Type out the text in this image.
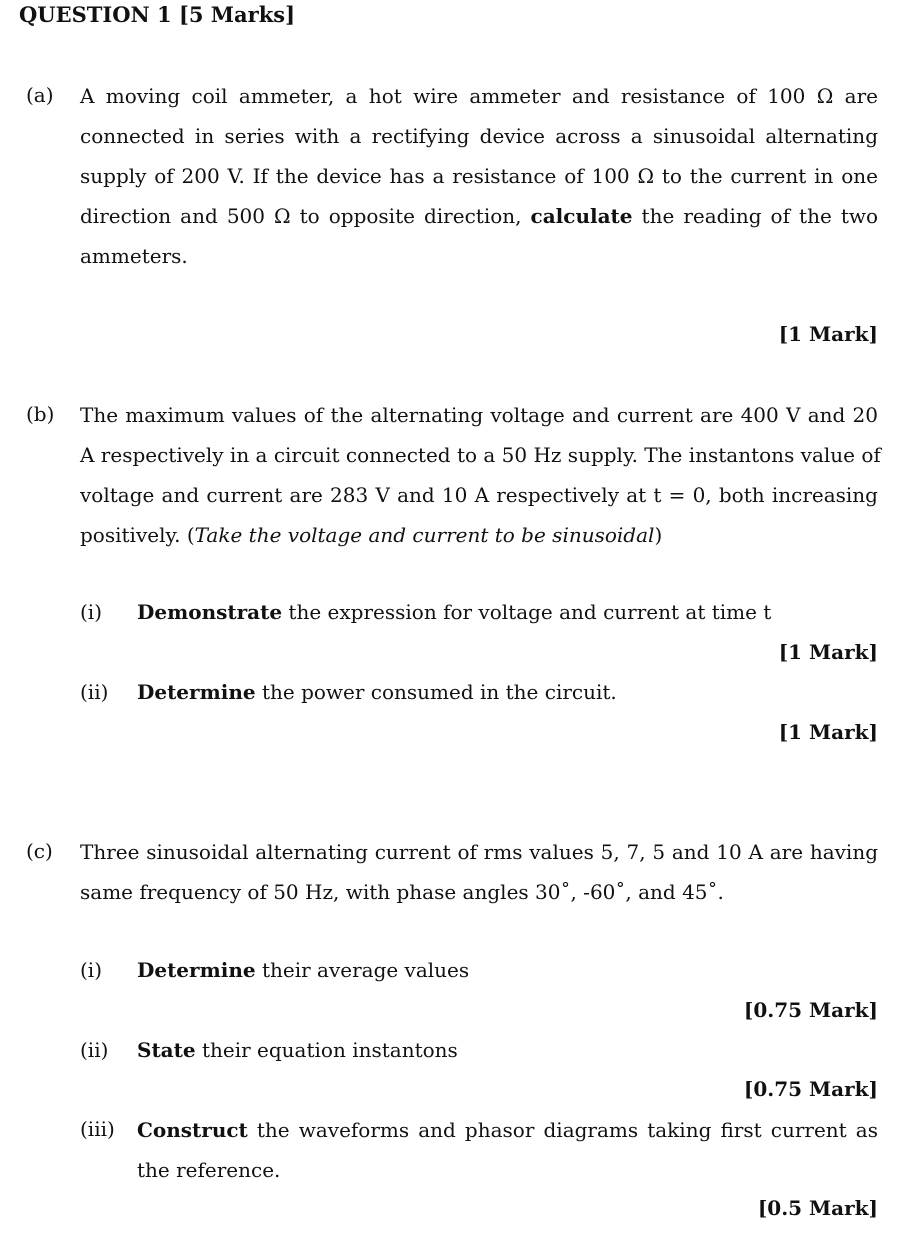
QUESTION 1 [5 Marks]
(a) A moving coil ammeter, a hot wire ammeter and resistance of 100 Ω are
connected in series with a rectifying device across a sinusoidal alternating
supply of 200 V. If the device has a resistance of 100 Ω to the current in one
direction and 500 Ω to opposite direction, calculate the reading of the two
ammeters.
[1 Mark]
(b) The maximum values of the alternating voltage and current are 400 V and 20
A respectively in a circuit connected to a 50 Hz supply. The instantons value of
voltage and current are 283 V and 10 A respectively at t = 0, both increasing
positively. (Take the voltage and current to be sinusoidal)
(i) Demonstrate the expression for voltage and current at time t
[1 Mark]
(ii) Determine the power consumed in the circuit.
[1 Mark]
(c) Three sinusoidal alternating current of rms values 5, 7, 5 and 10 A are having
same frequency of 50 Hz, with phase angles 30˚, -60˚, and 45˚.
(i) Determine their average values
[0.75 Mark]
(ii) State their equation instantons
[0.75 Mark]
(iii) Construct the waveforms and phasor diagrams taking first current as
the reference.
[0.5 Mark]
